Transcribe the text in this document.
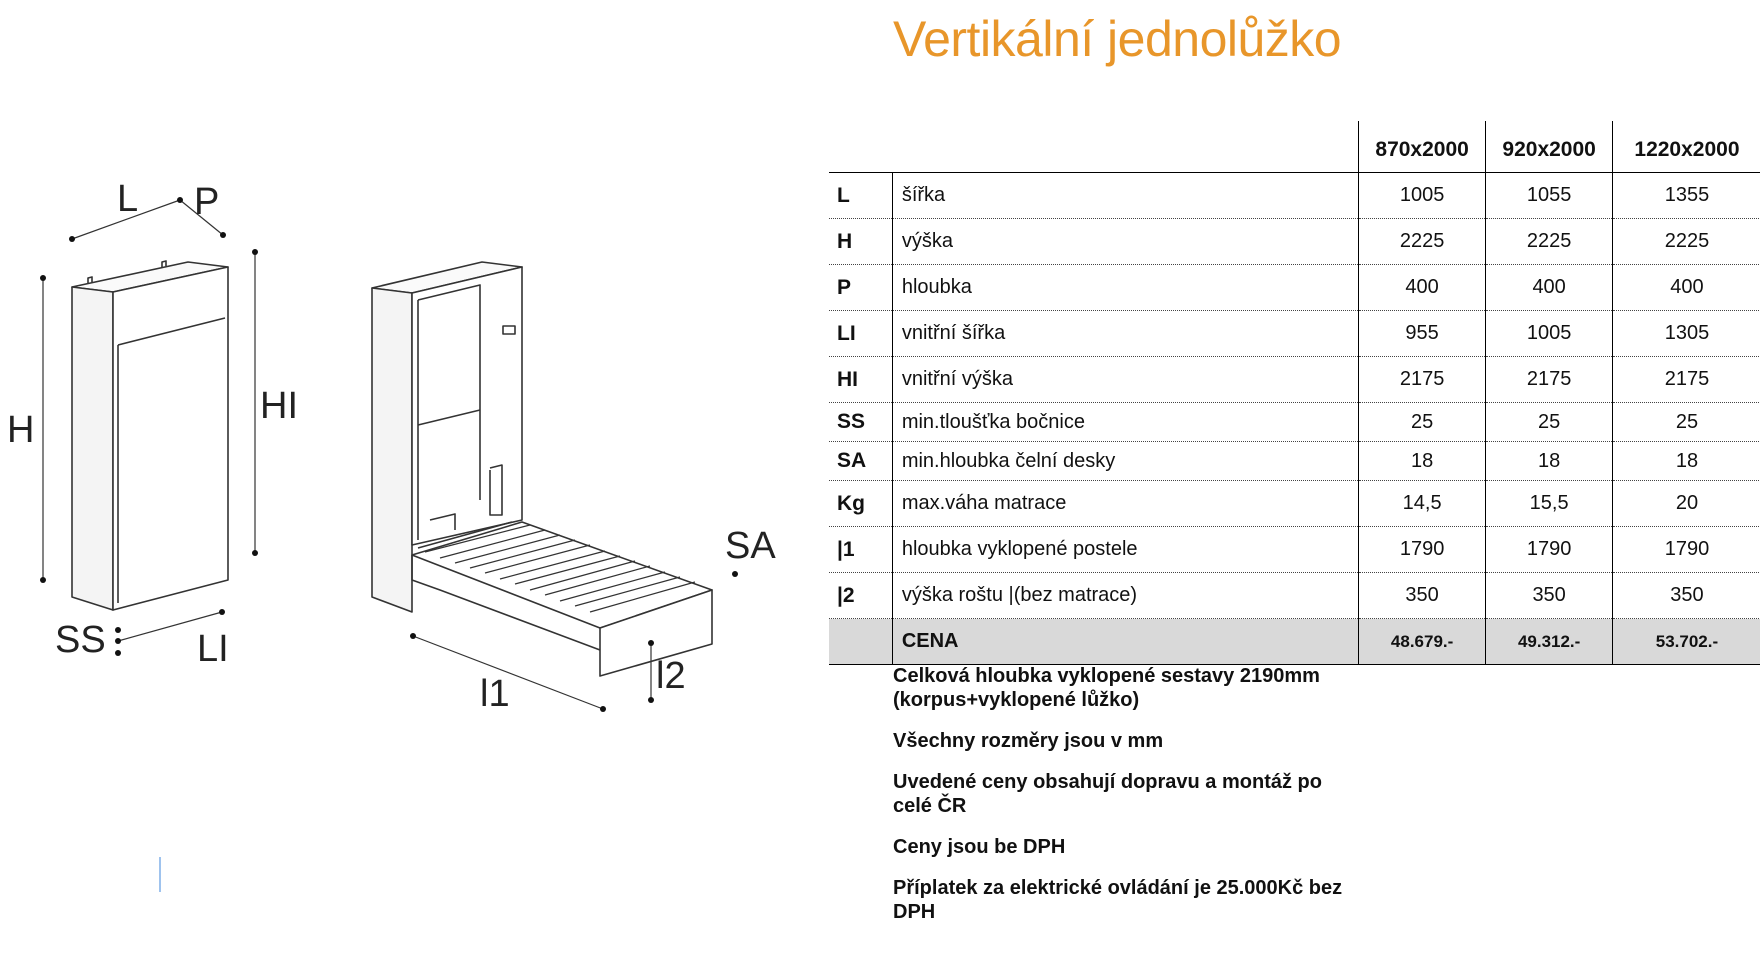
Vertikální jednolůžko
L P
H
HI
SS LI
SA
l1	l2
		870x2000	920x2000	1220x2000
L	šířka	1005	1055	1355
H	výška	2225	2225	2225
P	hloubka	400	400	400
LI	vnitřní šířka	955	1005	1305
HI	vnitřní výška	2175	2175	2175
SS	min.tloušťka bočnice	25	25	25
SA	min.hloubka čelní desky	18	18	18
Kg	max.váha matrace	14,5	15,5	20
|1	hloubka vyklopené postele	1790	1790	1790
|2	výška roštu |(bez matrace)	350	350	350
	CENA	48.679.-	49.312.-	53.702.-

Celková hloubka vyklopené sestavy 2190mm (korpus+vyklopené lůžko)

Všechny rozměry jsou v mm

Uvedené ceny obsahují dopravu a montáž po celé ČR

Ceny jsou be DPH

Příplatek za elektrické ovládání je 25.000Kč bez DPH
